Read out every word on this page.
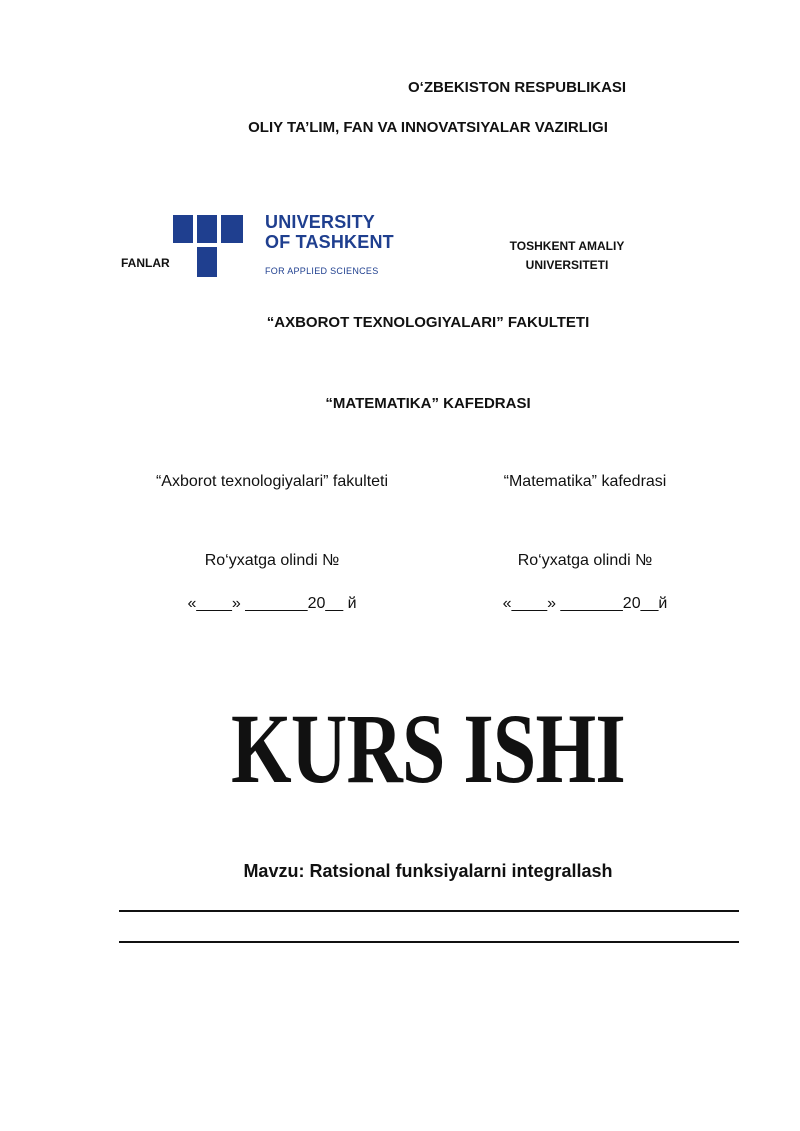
O‘ZBEKISTON RESPUBLIKASI
OLIY TA’LIM, FAN VA INNOVATSIYALAR VAZIRLIGI
FANLAR
UNIVERSITY
OF TASHKENT
FOR APPLIED SCIENCES
TOSHKENT AMALIY
UNIVERSITETI
“AXBOROT TEXNOLOGIYALARI” FAKULTETI
“MATEMATIKA” KAFEDRASI
“Axborot texnologiyalari” fakulteti	“Matematika” kafedrasi
Ro‘yxatga olindi №	Ro‘yxatga olindi №
«____» _______20__ й	«____» _______20__й
KURS ISHI
Mavzu: Ratsional funksiyalarni integrallash
